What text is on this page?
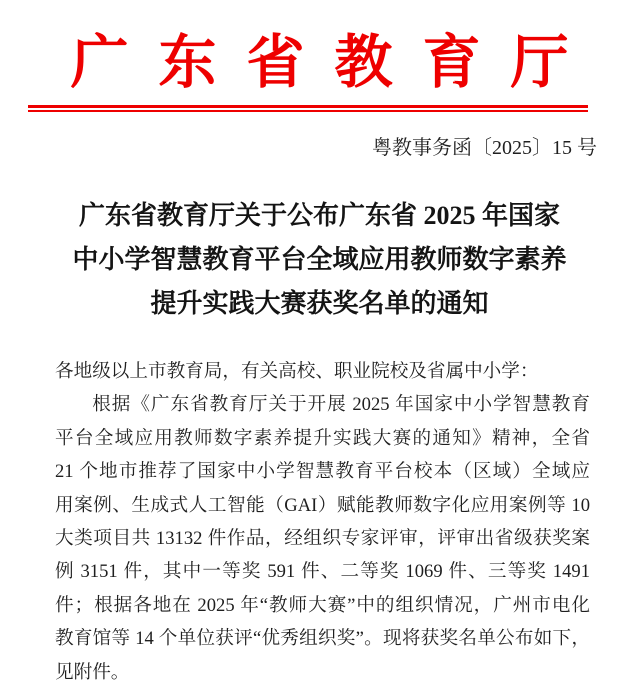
广东省教育厅
粤教事务函〔2025〕15 号
广东省教育厅关于公布广东省 2025 年国家
中小学智慧教育平台全域应用教师数字素养
提升实践大赛获奖名单的通知
各地级以上市教育局，有关高校、职业院校及省属中小学：
根据《广东省教育厅关于开展 2025 年国家中小学智慧教育
平台全域应用教师数字素养提升实践大赛的通知》精神，全省
21 个地市推荐了国家中小学智慧教育平台校本（区域）全域应
用案例、生成式人工智能（GAI）赋能教师数字化应用案例等 10
大类项目共 13132 件作品，经组织专家评审，评审出省级获奖案
例 3151 件，其中一等奖 591 件、二等奖 1069 件、三等奖 1491
件；根据各地在 2025 年“教师大赛”中的组织情况，广州市电化
教育馆等 14 个单位获评“优秀组织奖”。现将获奖名单公布如下，
见附件。
